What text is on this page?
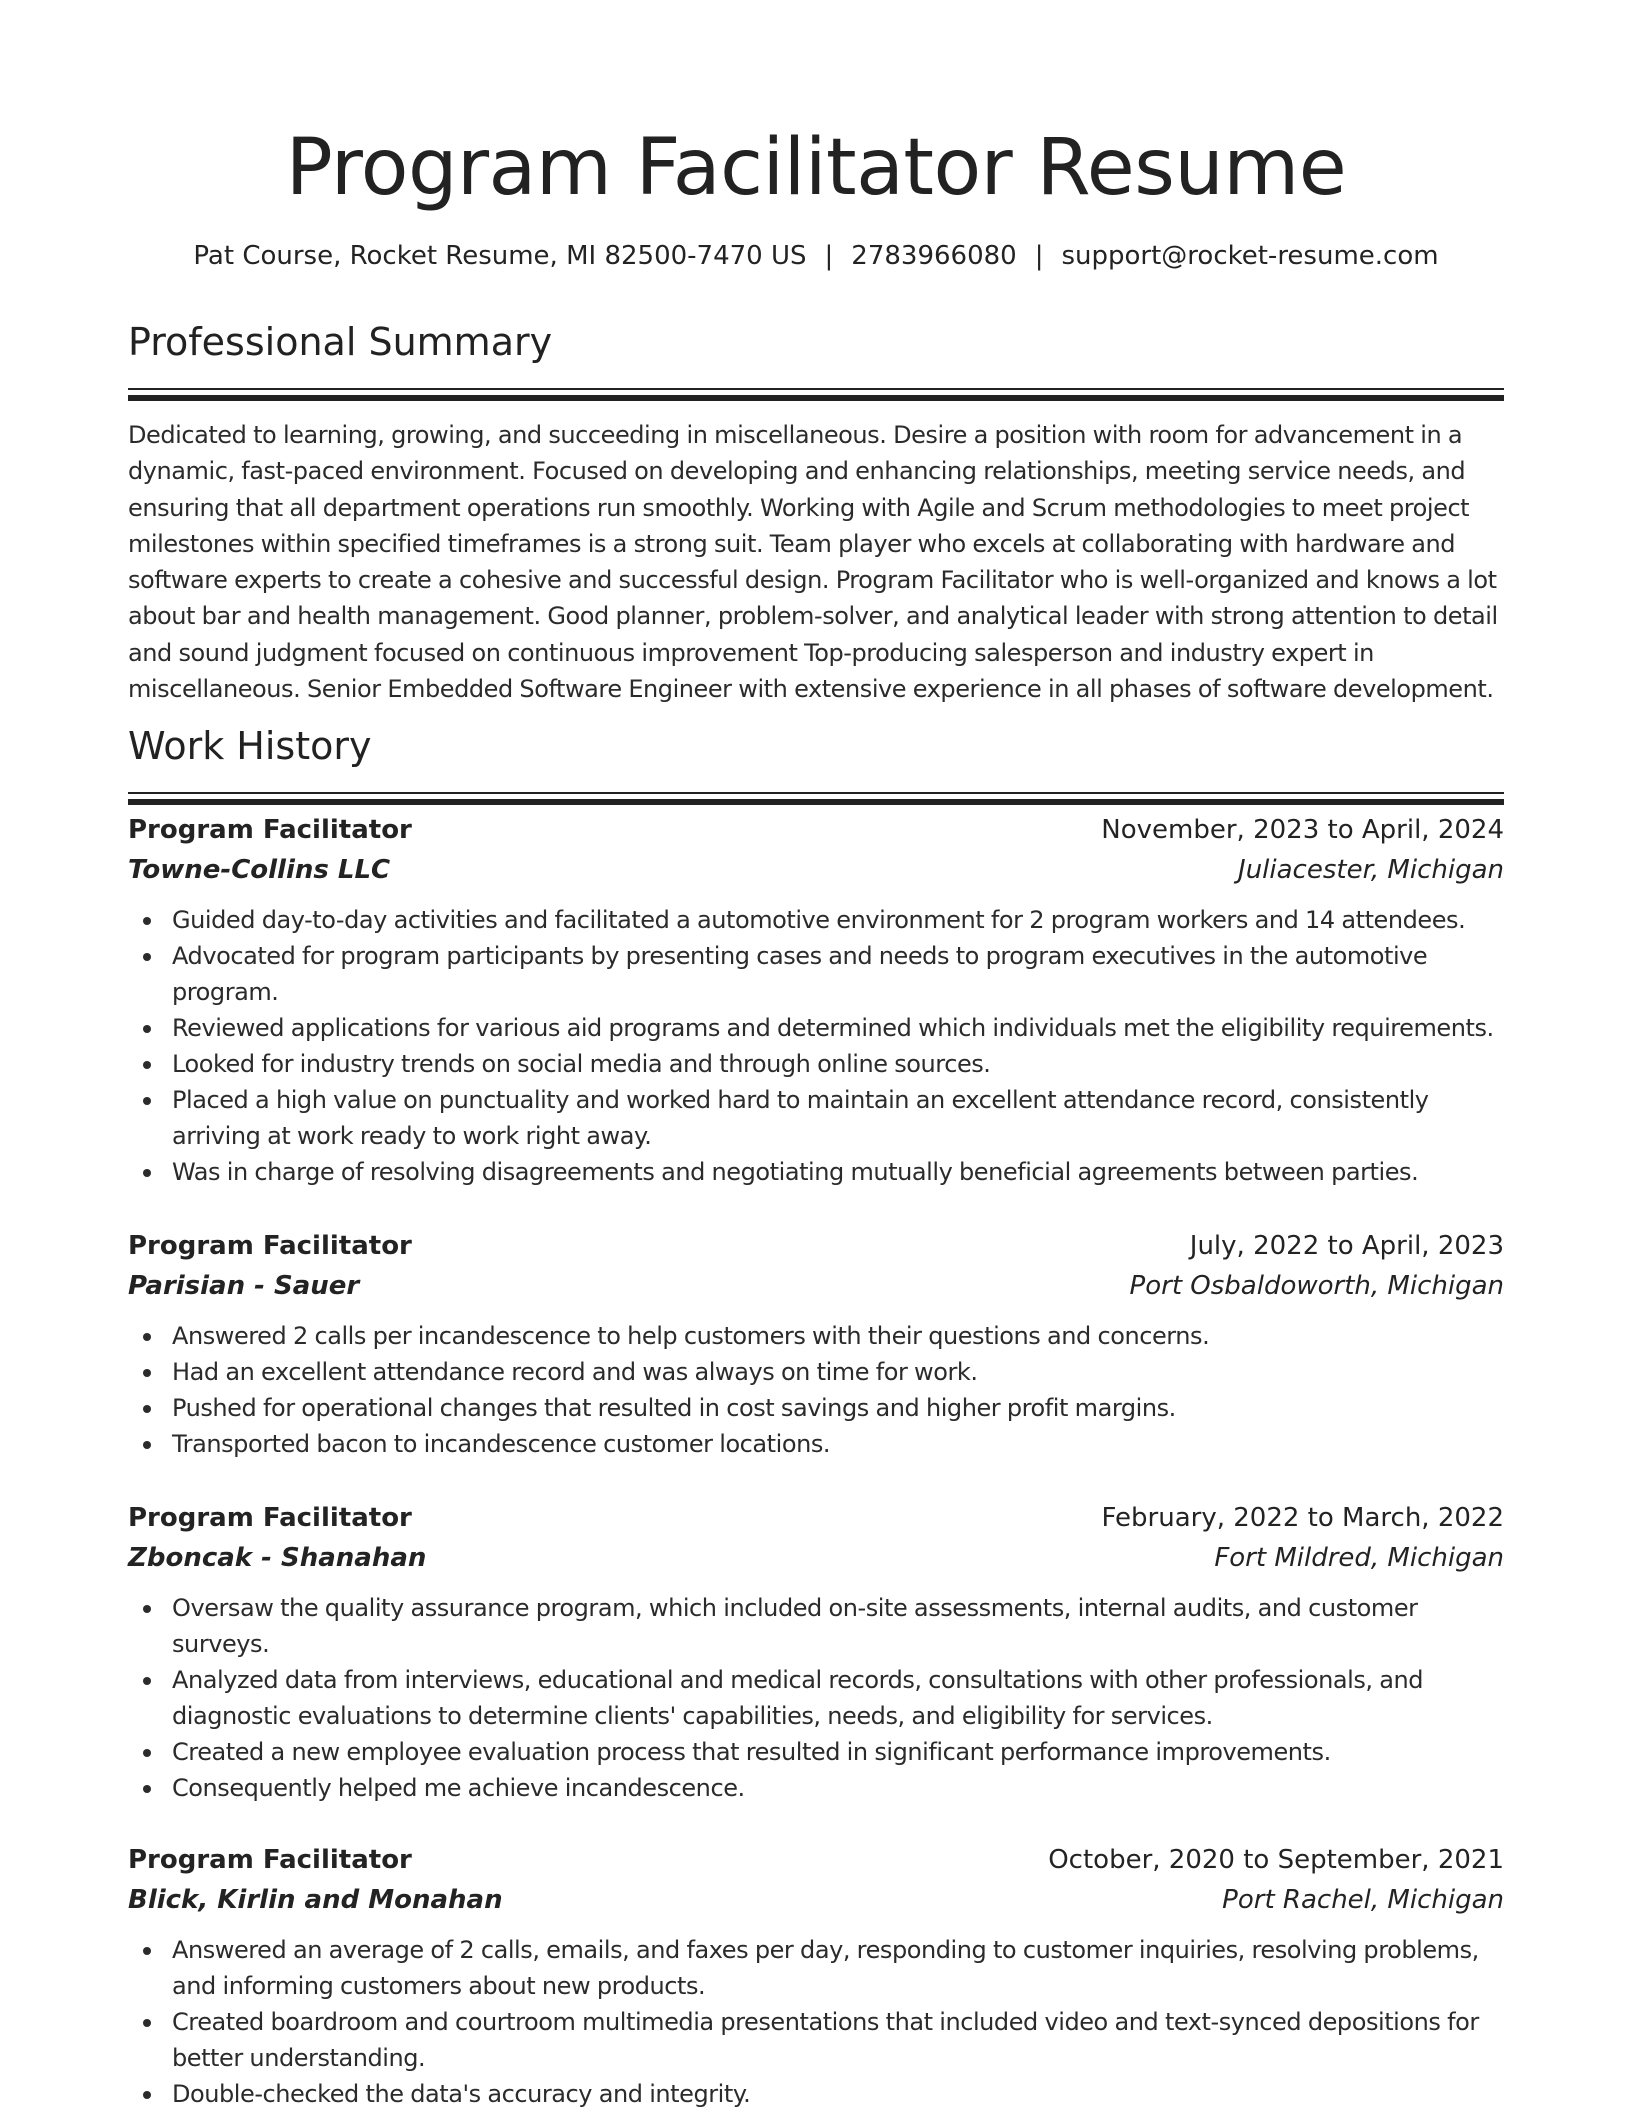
Program Facilitator Resume
Pat Course, Rocket Resume, MI 82500-7470 US | 2783966080 | support@rocket-resume.com
Professional Summary

Dedicated to learning, growing, and succeeding in miscellaneous. Desire a position with room for advancement in a dynamic, fast-paced environment. Focused on developing and enhancing relationships, meeting service needs, and ensuring that all department operations run smoothly. Working with Agile and Scrum methodologies to meet project milestones within specified timeframes is a strong suit. Team player who excels at collaborating with hardware and software experts to create a cohesive and successful design. Program Facilitator who is well-organized and knows a lot about bar and health management. Good planner, problem-solver, and analytical leader with strong attention to detail and sound judgment focused on continuous improvement Top-producing salesperson and industry expert in miscellaneous. Senior Embedded Software Engineer with extensive experience in all phases of software development.

Work History
Program Facilitator	November, 2023 to April, 2024
Towne-Collins LLC	Juliacester, Michigan
Guided day-to-day activities and facilitated a automotive environment for 2 program workers and 14 attendees.
Advocated for program participants by presenting cases and needs to program executives in the automotive program.
Reviewed applications for various aid programs and determined which individuals met the eligibility requirements.
Looked for industry trends on social media and through online sources.
Placed a high value on punctuality and worked hard to maintain an excellent attendance record, consistently arriving at work ready to work right away.
Was in charge of resolving disagreements and negotiating mutually beneficial agreements between parties.
Program Facilitator	July, 2022 to April, 2023
Parisian - Sauer	Port Osbaldoworth, Michigan
Answered 2 calls per incandescence to help customers with their questions and concerns.
Had an excellent attendance record and was always on time for work.
Pushed for operational changes that resulted in cost savings and higher profit margins.
Transported bacon to incandescence customer locations.
Program Facilitator	February, 2022 to March, 2022
Zboncak - Shanahan	Fort Mildred, Michigan
Oversaw the quality assurance program, which included on-site assessments, internal audits, and customer surveys.
Analyzed data from interviews, educational and medical records, consultations with other professionals, and diagnostic evaluations to determine clients' capabilities, needs, and eligibility for services.
Created a new employee evaluation process that resulted in significant performance improvements.
Consequently helped me achieve incandescence.
Program Facilitator	October, 2020 to September, 2021
Blick, Kirlin and Monahan	Port Rachel, Michigan
Answered an average of 2 calls, emails, and faxes per day, responding to customer inquiries, resolving problems, and informing customers about new products.
Created boardroom and courtroom multimedia presentations that included video and text-synced depositions for better understanding.
Double-checked the data's accuracy and integrity.
